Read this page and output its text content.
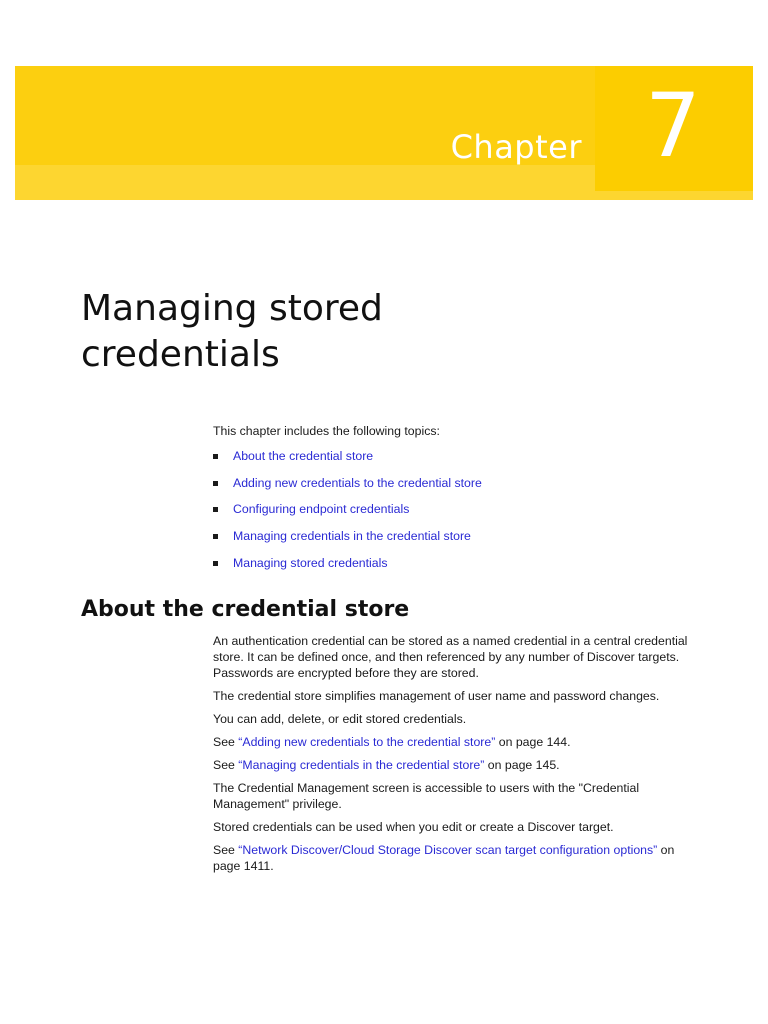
Chapter 7
Managing stored
credentials
This chapter includes the following topics:
About the credential store
Adding new credentials to the credential store
Configuring endpoint credentials
Managing credentials in the credential store
Managing stored credentials
About the credential store

An authentication credential can be stored as a named credential in a central credential store. It can be defined once, and then referenced by any number of Discover targets. Passwords are encrypted before they are stored.

The credential store simplifies management of user name and password changes.

You can add, delete, or edit stored credentials.

See “Adding new credentials to the credential store” on page 144.

See “Managing credentials in the credential store” on page 145.

The Credential Management screen is accessible to users with the "Credential Management" privilege.

Stored credentials can be used when you edit or create a Discover target.

See “Network Discover/Cloud Storage Discover scan target configuration options” on page 1411.
